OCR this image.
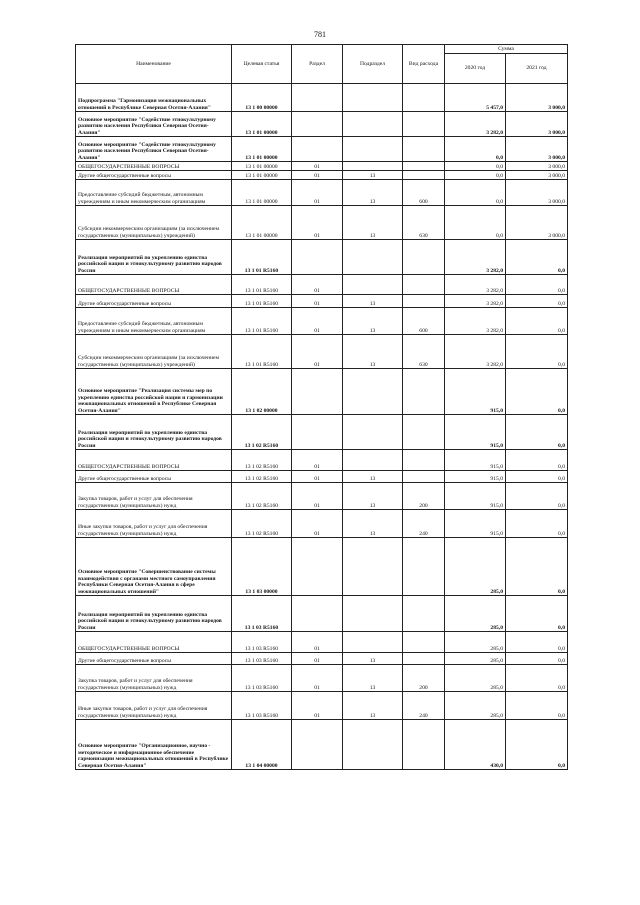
781
Наименование	Целевая статья	Раздел	Подраздел	Вид расхода	Сумма	
					2020 год	2021 год
Подпрограмма "Гармонизация межнациональных отношений в Республике Северная Осетия-Алания"	13 1 00 00000				5 457,0	3 000,0
Основное мероприятие "Содействие этнокультурному развитию населения Республики Северная Осетия-Алания"	13 1 01 00000				3 282,0	3 000,0
Основное мероприятие "Содействие этнокультурному развитию населения Республики Северная Осетия-Алания"	13 1 01 00000				0,0	3 000,0
ОБЩЕГОСУДАРСТВЕННЫЕ ВОПРОСЫ	13 1 01 00000	01			0,0	3 000,0
Другие общегосударственные вопросы	13 1 01 00000	01	13		0,0	3 000,0
Предоставление субсидий бюджетным, автономным учреждениям и иным некоммерческим организациям	13 1 01 00000	01	13	600	0,0	3 000,0
Субсидии некоммерческим организациям (за исключением государственных (муниципальных) учреждений)	13 1 01 00000	01	13	630	0,0	3 000,0
Реализация мероприятий по укреплению единства российской нации и этнокультурному развитию народов России	13 1 01 R5160				3 282,0	0,0
ОБЩЕГОСУДАРСТВЕННЫЕ ВОПРОСЫ	13 1 01 R5160	01			3 282,0	0,0
Другие общегосударственные вопросы	13 1 01 R5160	01	13		3 282,0	0,0
Предоставление субсидий бюджетным, автономным учреждениям и иным некоммерческим организациям	13 1 01 R5160	01	13	600	3 282,0	0,0
Субсидии некоммерческим организациям (за исключением государственных (муниципальных) учреждений)	13 1 01 R5160	01	13	630	3 282,0	0,0
Основное мероприятие "Реализация системы мер по укреплению единства российской нации и гармонизации межнациональных отношений в Республике Северная Осетия-Алания"	13 1 02 00000				915,0	0,0
Реализация мероприятий по укреплению единства российской нации и этнокультурному развитию народов России	13 1 02 R5160				915,0	0,0
ОБЩЕГОСУДАРСТВЕННЫЕ ВОПРОСЫ	13 1 02 R5160	01			915,0	0,0
Другие общегосударственные вопросы	13 1 02 R5160	01	13		915,0	0,0
Закупка товаров, работ и услуг для обеспечения государственных (муниципальных) нужд	13 1 02 R5160	01	13	200	915,0	0,0
Иные закупки товаров, работ и услуг для обеспечения государственных (муниципальных) нужд	13 1 02 R5160	01	13	240	915,0	0,0
Основное мероприятие "Совершенствование системы взаимодействия с органами местного самоуправления Республики Северная Осетия-Алания в сфере межнациональных отношений"	13 1 03 00000				285,0	0,0
Реализация мероприятий по укреплению единства российской нации и этнокультурному развитию народов России	13 1 03 R5160				285,0	0,0
ОБЩЕГОСУДАРСТВЕННЫЕ ВОПРОСЫ	13 1 03 R5160	01			285,0	0,0
Другие общегосударственные вопросы	13 1 03 R5160	01	13		285,0	0,0
Закупка товаров, работ и услуг для обеспечения государственных (муниципальных) нужд	13 1 03 R5160	01	13	200	285,0	0,0
Иные закупки товаров, работ и услуг для обеспечения государственных (муниципальных) нужд	13 1 03 R5160	01	13	240	285,0	0,0
Основное мероприятие "Организационное, научно - методическое и информационное обеспечение гармонизации межнациональных отношений в Республике Северная Осетия-Алания"	13 1 04 00000				430,0	0,0
